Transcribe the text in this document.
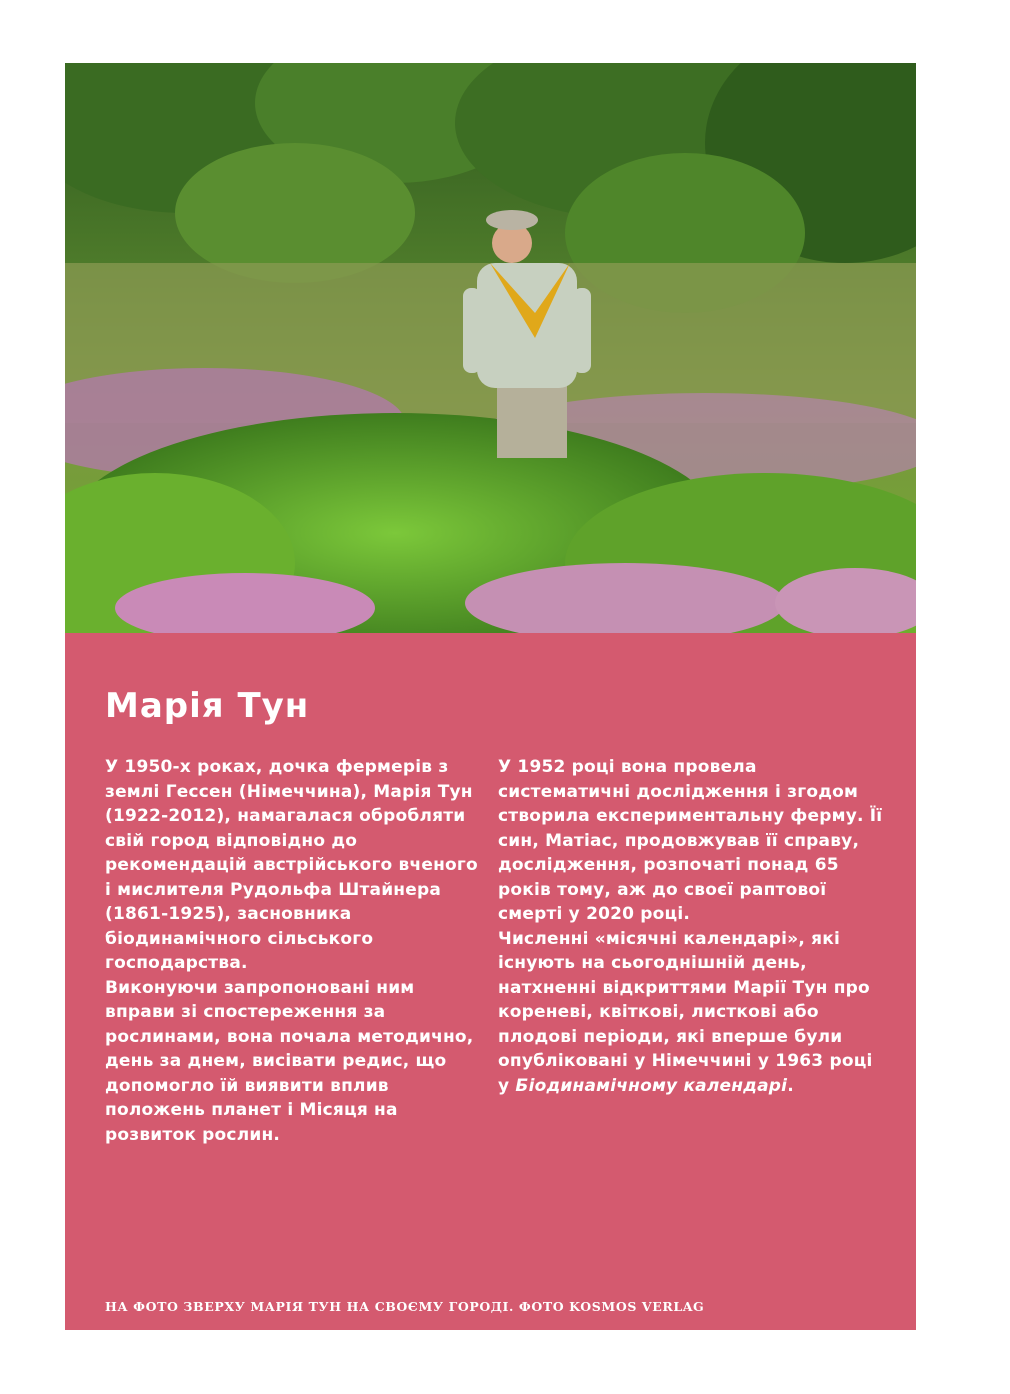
Марія Тун

У 1950-х роках, дочка фермерів з землі Гессен (Німеччина), Марія Тун (1922-2012), намагалася обробляти свій город відповідно до рекомендацій австрійського вченого і мислителя Рудольфа Штайнера (1861-1925), засновника біодинамічного сільського господарства.

Виконуючи запропоновані ним вправи зі спостереження за рослинами, вона почала методично, день за днем, висівати редис, що допомогло їй виявити вплив положень планет і Місяця на розвиток рослин.

У 1952 році вона провела систематичні дослідження і згодом створила експериментальну ферму. Її син, Матіас, продовжував її справу, дослідження, розпочаті понад 65 років тому, аж до своєї раптової смерті у 2020 році.

Численні «місячні календарі», які існують на сьогоднішній день, натхненні відкриттями Марії Тун про кореневі, квіткові, листкові або плодові періоди, які вперше були опубліковані у Німеччині у 1963 році у Біодинамічному календарі.

НА ФОТО ЗВЕРХУ МАРІЯ ТУН НА СВОЄМУ ГОРОДІ. ФОТО KOSMOS VERLAG
